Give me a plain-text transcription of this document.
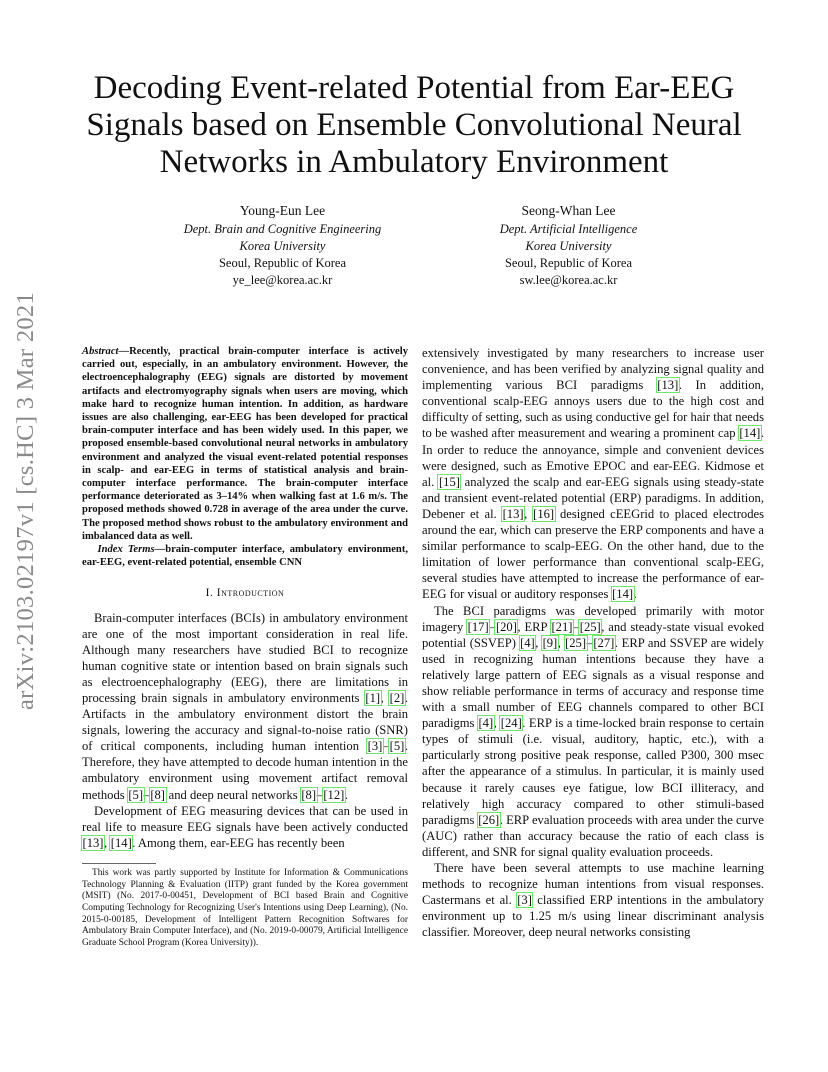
arXiv:2103.02197v1 [cs.HC] 3 Mar 2021
Decoding Event-related Potential from Ear-EEG Signals based on Ensemble Convolutional Neural Networks in Ambulatory Environment
Young-Eun Lee
Dept. Brain and Cognitive Engineering
Korea University
Seoul, Republic of Korea
ye_lee@korea.ac.kr
Seong-Whan Lee
Dept. Artificial Intelligence
Korea University
Seoul, Republic of Korea
sw.lee@korea.ac.kr

Abstract—Recently, practical brain-computer interface is actively carried out, especially, in an ambulatory environment. However, the electroencephalography (EEG) signals are distorted by movement artifacts and electromyography signals when users are moving, which make hard to recognize human intention. In addition, as hardware issues are also challenging, ear-EEG has been developed for practical brain-computer interface and has been widely used. In this paper, we proposed ensemble-based convolutional neural networks in ambulatory environment and analyzed the visual event-related potential responses in scalp- and ear-EEG in terms of statistical analysis and brain-computer interface performance. The brain-computer interface performance deteriorated as 3–14% when walking fast at 1.6 m/s. The proposed methods showed 0.728 in average of the area under the curve. The proposed method shows robust to the ambulatory environment and imbalanced data as well.

Index Terms—brain-computer interface, ambulatory environment, ear-EEG, event-related potential, ensemble CNN

I. Introduction

Brain-computer interfaces (BCIs) in ambulatory environment are one of the most important consideration in real life. Although many researchers have studied BCI to recognize human cognitive state or intention based on brain signals such as electroencephalography (EEG), there are limitations in processing brain signals in ambulatory environments [1], [2]. Artifacts in the ambulatory environment distort the brain signals, lowering the accuracy and signal-to-noise ratio (SNR) of critical components, including human intention [3]–[5]. Therefore, they have attempted to decode human intention in the ambulatory environment using movement artifact removal methods [5]–[8] and deep neural networks [8]–[12].

Development of EEG measuring devices that can be used in real life to measure EEG signals have been actively conducted [13], [14]. Among them, ear-EEG has recently been

This work was partly supported by Institute for Information & Communications Technology Planning & Evaluation (IITP) grant funded by the Korea government (MSIT) (No. 2017-0-00451, Development of BCI based Brain and Cognitive Computing Technology for Recognizing User's Intentions using Deep Learning), (No. 2015-0-00185, Development of Intelligent Pattern Recognition Softwares for Ambulatory Brain Computer Interface), and (No. 2019-0-00079, Artificial Intelligence Graduate School Program (Korea University)).

extensively investigated by many researchers to increase user convenience, and has been verified by analyzing signal quality and implementing various BCI paradigms [13]. In addition, conventional scalp-EEG annoys users due to the high cost and difficulty of setting, such as using conductive gel for hair that needs to be washed after measurement and wearing a prominent cap [14]. In order to reduce the annoyance, simple and convenient devices were designed, such as Emotive EPOC and ear-EEG. Kidmose et al. [15] analyzed the scalp and ear-EEG signals using steady-state and transient event-related potential (ERP) paradigms. In addition, Debener et al. [13], [16] designed cEEGrid to placed electrodes around the ear, which can preserve the ERP components and have a similar performance to scalp-EEG. On the other hand, due to the limitation of lower performance than conventional scalp-EEG, several studies have attempted to increase the performance of ear-EEG for visual or auditory responses [14].

The BCI paradigms was developed primarily with motor imagery [17]–[20], ERP [21]–[25], and steady-state visual evoked potential (SSVEP) [4], [9], [25]–[27]. ERP and SSVEP are widely used in recognizing human intentions because they have a relatively large pattern of EEG signals as a visual response and show reliable performance in terms of accuracy and response time with a small number of EEG channels compared to other BCI paradigms [4], [24]. ERP is a time-locked brain response to certain types of stimuli (i.e. visual, auditory, haptic, etc.), with a particularly strong positive peak response, called P300, 300 msec after the appearance of a stimulus. In particular, it is mainly used because it rarely causes eye fatigue, low BCI illiteracy, and relatively high accuracy compared to other stimuli-based paradigms [26]. ERP evaluation proceeds with area under the curve (AUC) rather than accuracy because the ratio of each class is different, and SNR for signal quality evaluation proceeds.

There have been several attempts to use machine learning methods to recognize human intentions from visual responses. Castermans et al. [3] classified ERP intentions in the ambulatory environment up to 1.25 m/s using linear discriminant analysis classifier. Moreover, deep neural networks consisting
